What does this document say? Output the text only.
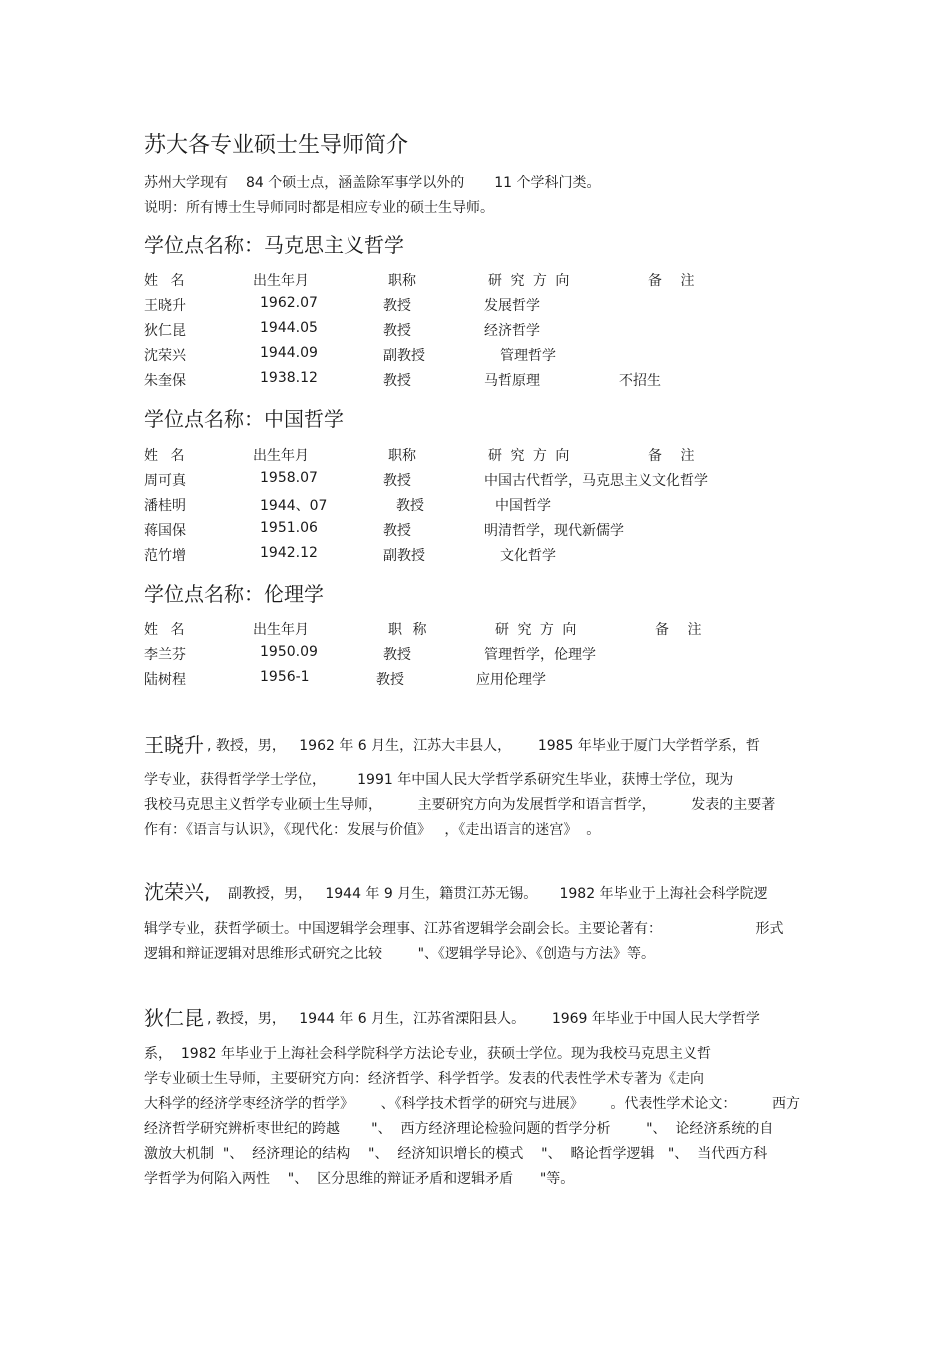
苏大各专业硕士生导师简介
苏州大学现有 84 个硕士点，涵盖除军事学以外的 11 个学科门类。
说明：所有博士生导师同时都是相应专业的硕士生导师。
学位点名称：马克思主义哲学
姓 名	出生年月	职称	研 究 方 向	备 注
王晓升	1962.07	教授	发展哲学
狄仁昆	1944.05	教授	经济哲学
沈荣兴	1944.09	副教授	管理哲学
朱奎保	1938.12	教授	马哲原理	不招生
学位点名称：中国哲学
姓 名	出生年月	职称	研 究 方 向	备 注
周可真	1958.07	教授	中国古代哲学，马克思主义文化哲学
潘桂明	1944、07	教授	中国哲学
蒋国保	1951.06	教授	明清哲学，现代新儒学
范竹增	1942.12	副教授	文化哲学
学位点名称：伦理学
姓 名	出生年月	职 称	研 究 方 向	备 注
李兰芬	1950.09	教授	管理哲学，伦理学
陆树程	1956-1	教授	应用伦理学
王晓升 , 教授，男，   1962 年 6 月生，江苏大丰县人，      1985 年毕业于厦门大学哲学系，哲
学专业，获得哲学学士学位，       1991 年中国人民大学哲学系研究生毕业，获博士学位，现为
我校马克思主义哲学专业硕士生导师，        主要研究方向为发展哲学和语言哲学，        发表的主要著
作有：《语言与认识》，《现代化：发展与价值》   ，《走出语言的迷宫》  。
沈荣兴, 副教授，男，   1944 年 9 月生，籍贯江苏无锡。     1982 年毕业于上海社会科学院逻
辑学专业，获哲学硕士。中国逻辑学会理事、江苏省逻辑学会副会长。主要论著有：                     形式
逻辑和辩证逻辑对思维形式研究之比较        "、《逻辑学导论》、《创造与方法》等。
狄仁昆 , 教授，男，   1944 年 6 月生，江苏省溧阳县人。      1969 年毕业于中国人民大学哲学
系，  1982 年毕业于上海社会科学院科学方法论专业，获硕士学位。现为我校马克思主义哲
学专业硕士生导师，主要研究方向：经济哲学、科学哲学。发表的代表性学术专著为《走向
大科学的经济学枣经济学的哲学》      、《科学技术哲学的研究与进展》      。代表性学术论文：        西方
经济哲学研究辨析枣世纪的跨越       "、  西方经济理论检验问题的哲学分析        "、  论经济系统的自
激放大机制  "、  经济理论的结构    "、  经济知识增长的模式    "、  略论哲学逻辑   "、  当代西方科
学哲学为何陷入两性    "、  区分思维的辩证矛盾和逻辑矛盾      "等。
